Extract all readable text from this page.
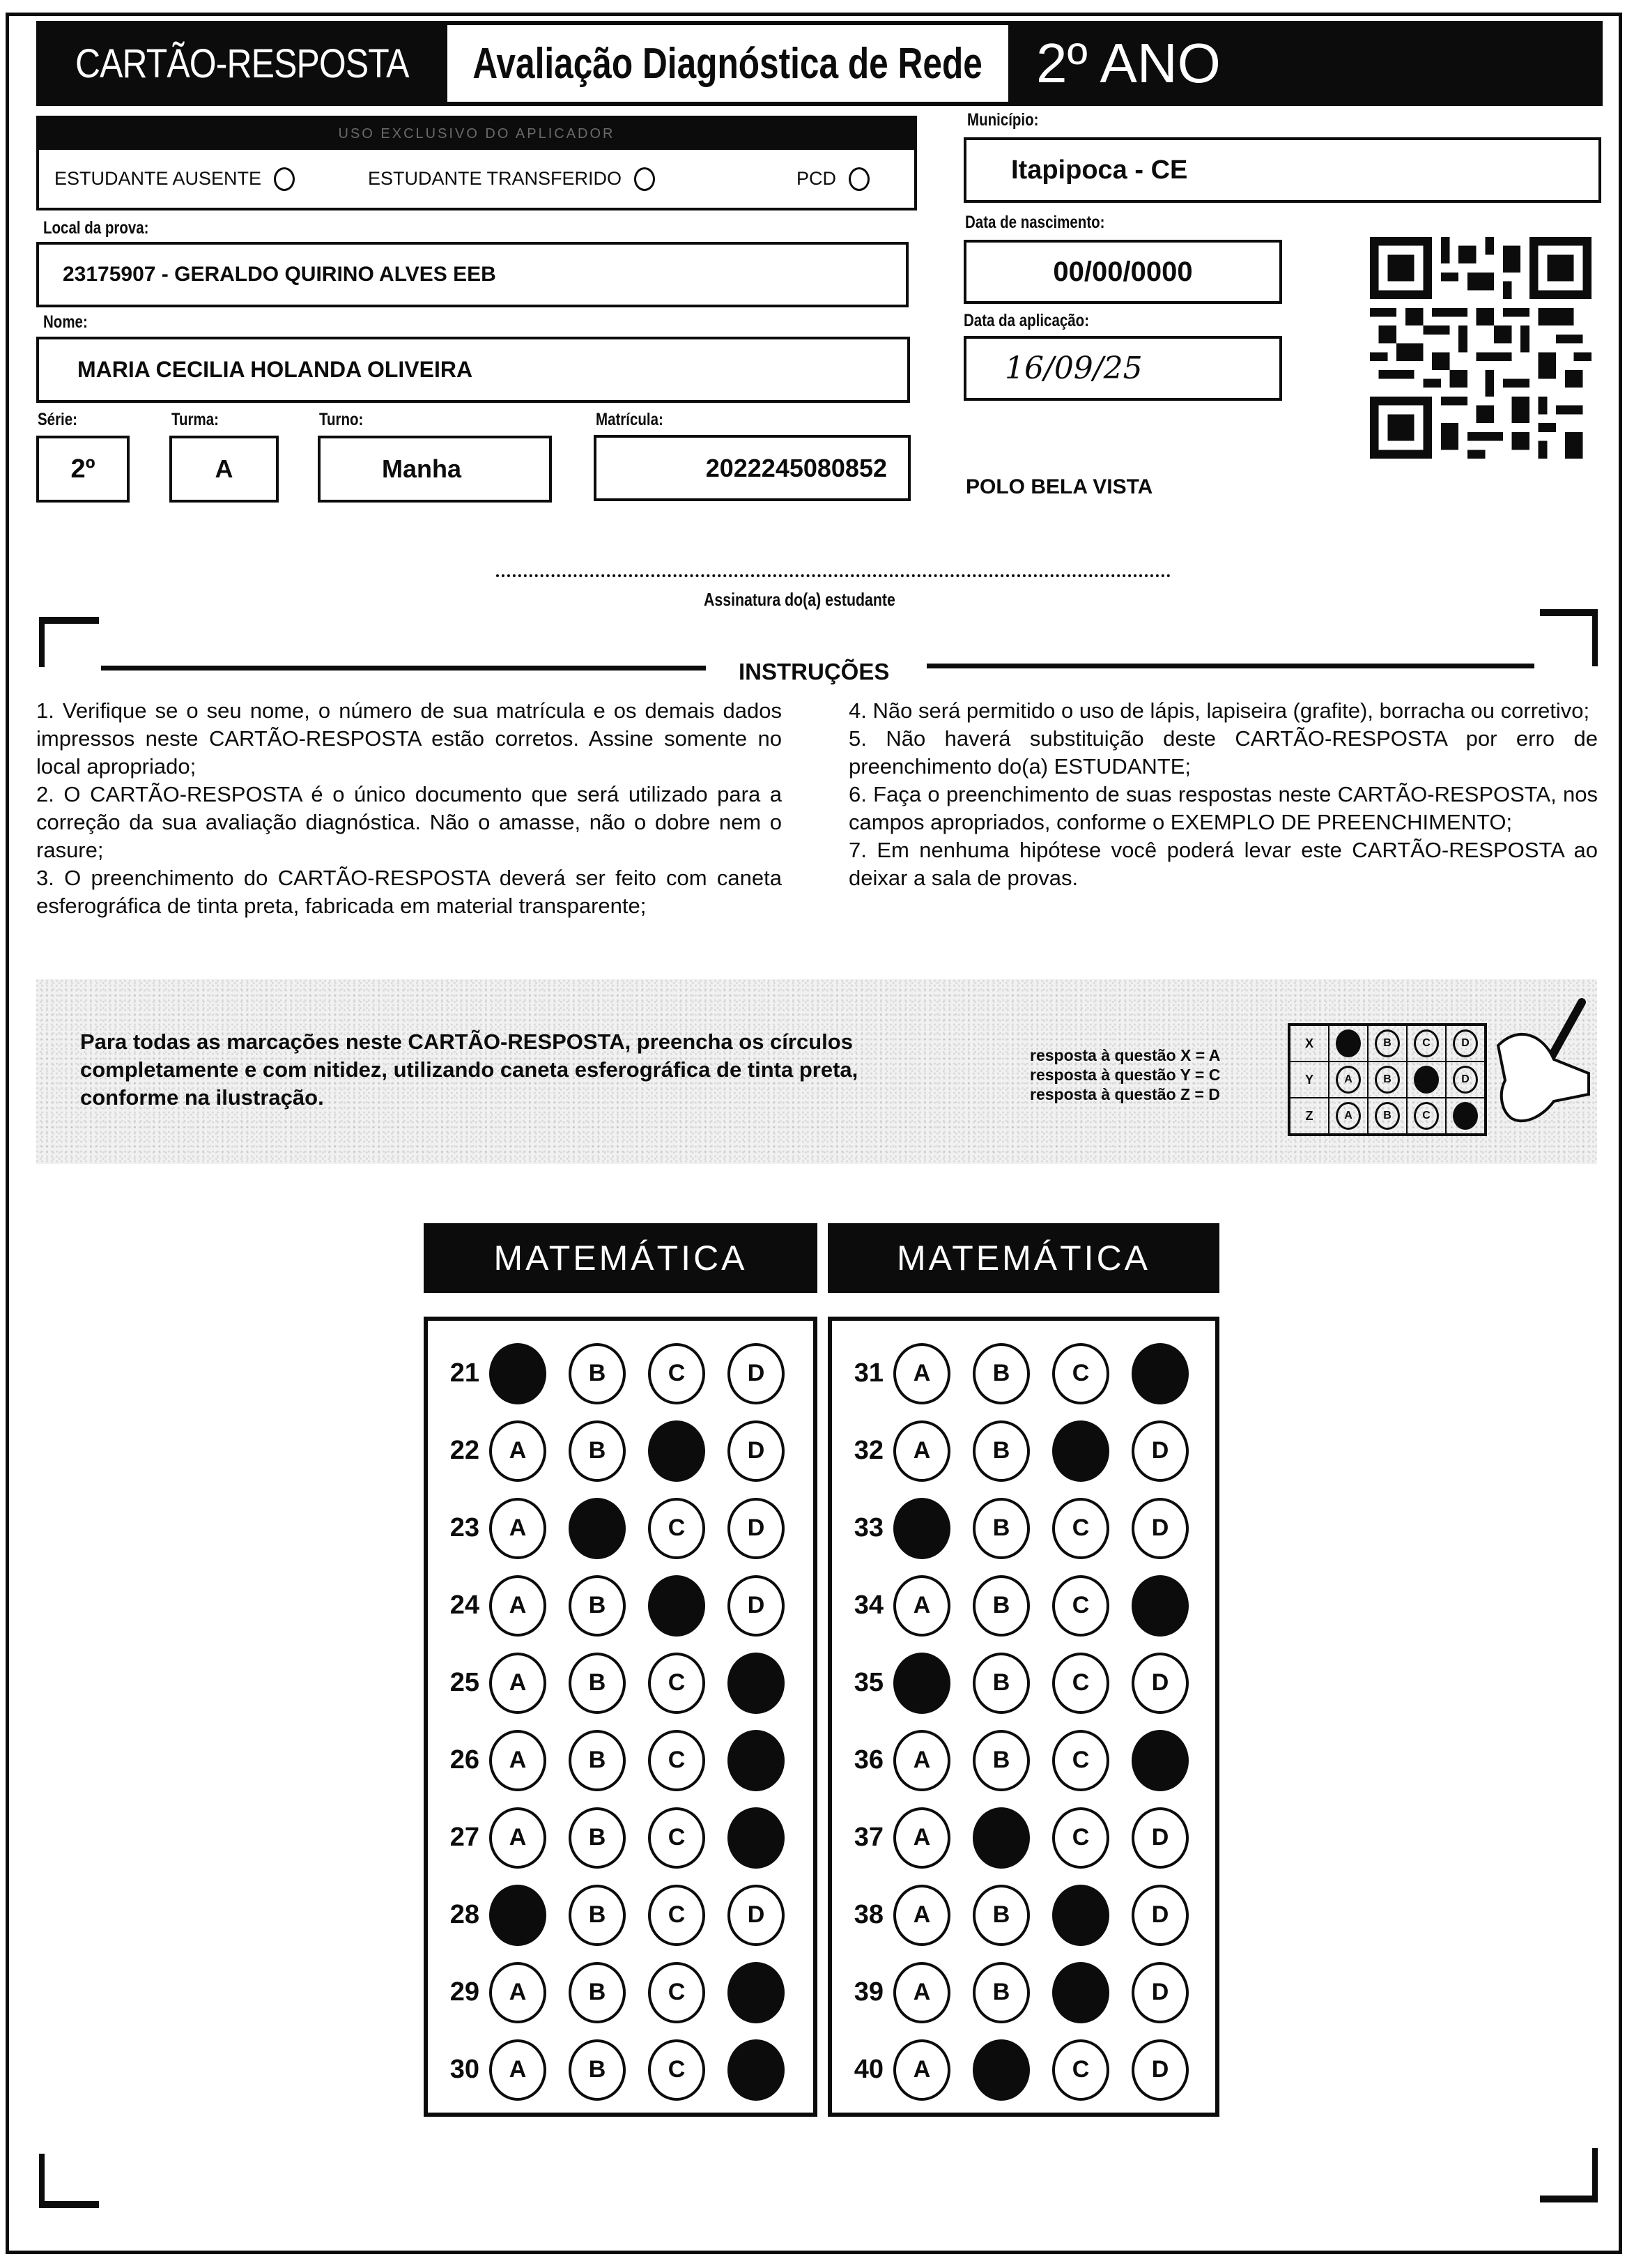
CARTÃO-RESPOSTA Avaliação Diagnóstica de Rede 2º ANO
USO EXCLUSIVO DO APLICADOR
ESTUDANTE AUSENTE	ESTUDANTE TRANSFERIDO	PCD
Local da prova:
23175907 - GERALDO QUIRINO ALVES EEB
Nome:
MARIA CECILIA HOLANDA OLIVEIRA
Série:
2º
Turma:
A
Turno:
Manha
Matrícula:
2022245080852
Município:
Itapipoca - CE
Data de nascimento:
00/00/0000
Data da aplicação:
16/09/25
POLO BELA VISTA
Assinatura do(a) estudante
INSTRUÇÕES
1. Verifique se o seu nome, o número de sua matrícula e os demais dados impressos neste CARTÃO-RESPOSTA estão corretos. Assine somente no local apropriado;
2. O CARTÃO-RESPOSTA é o único documento que será utilizado para a correção da sua avaliação diagnóstica. Não o amasse, não o dobre nem o rasure;
3. O preenchimento do CARTÃO-RESPOSTA deverá ser feito com caneta esferográfica de tinta preta, fabricada em material transparente;
4. Não será permitido o uso de lápis, lapiseira (grafite), borracha ou corretivo;
5. Não haverá substituição deste CARTÃO-RESPOSTA por erro de preenchimento do(a) ESTUDANTE;
6. Faça o preenchimento de suas respostas neste CARTÃO-RESPOSTA, nos campos apropriados, conforme o EXEMPLO DE PREENCHIMENTO;
7. Em nenhuma hipótese você poderá levar este CARTÃO-RESPOSTA ao deixar a sala de provas.
Para todas as marcações neste CARTÃO-RESPOSTA, preencha os círculos completamente e com nitidez, utilizando caneta esferográfica de tinta preta, conforme na ilustração.
resposta à questão X = A
resposta à questão Y = C
resposta à questão Z = D
X	A	B	C	D
Y	A	B	C	D
Z	A	B	C	D
MATEMÁTICA
21	A	B	C	D
22	A	B	C	D
23	A	B	C	D
24	A	B	C	D
25	A	B	C	D
26	A	B	C	D
27	A	B	C	D
28	A	B	C	D
29	A	B	C	D
30	A	B	C	D
MATEMÁTICA
31	A	B	C	D
32	A	B	C	D
33	A	B	C	D
34	A	B	C	D
35	A	B	C	D
36	A	B	C	D
37	A	B	C	D
38	A	B	C	D
39	A	B	C	D
40	A	B	C	D
